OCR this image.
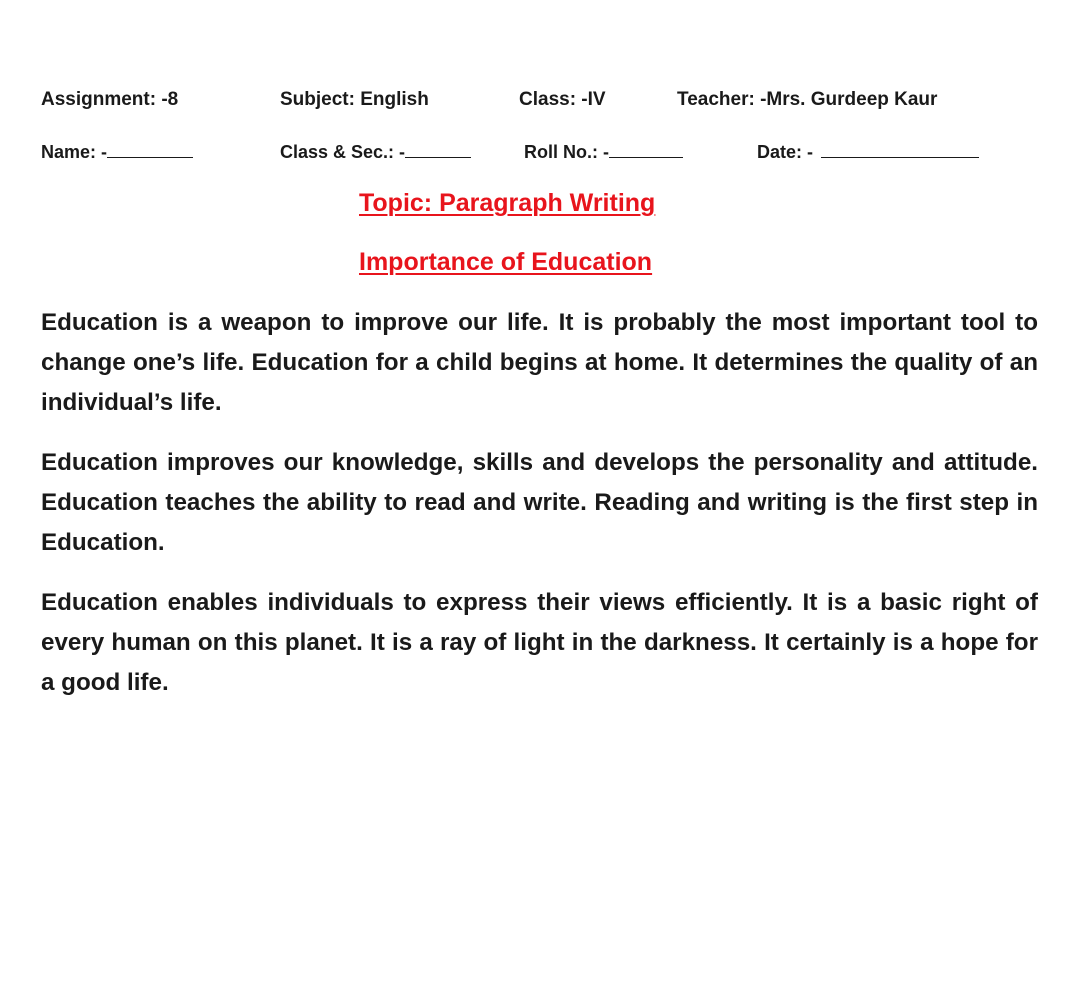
Assignment: -8	Subject: English	Class: -IV	Teacher: -Mrs. Gurdeep Kaur
Name: -	Class & Sec.: -	Roll No.: -	Date: -
Topic: Paragraph Writing
Importance of Education

Education is a weapon to improve our life. It is probably the most important tool to change one’s life. Education for a child begins at home. It determines the quality of an individual’s life.

Education improves our knowledge, skills and develops the personality and attitude. Education teaches the ability to read and write. Reading and writing is the first step in Education.

Education enables individuals to express their views efficiently. It is a basic right of every human on this planet. It is a ray of light in the darkness. It certainly is a hope for a good life.
